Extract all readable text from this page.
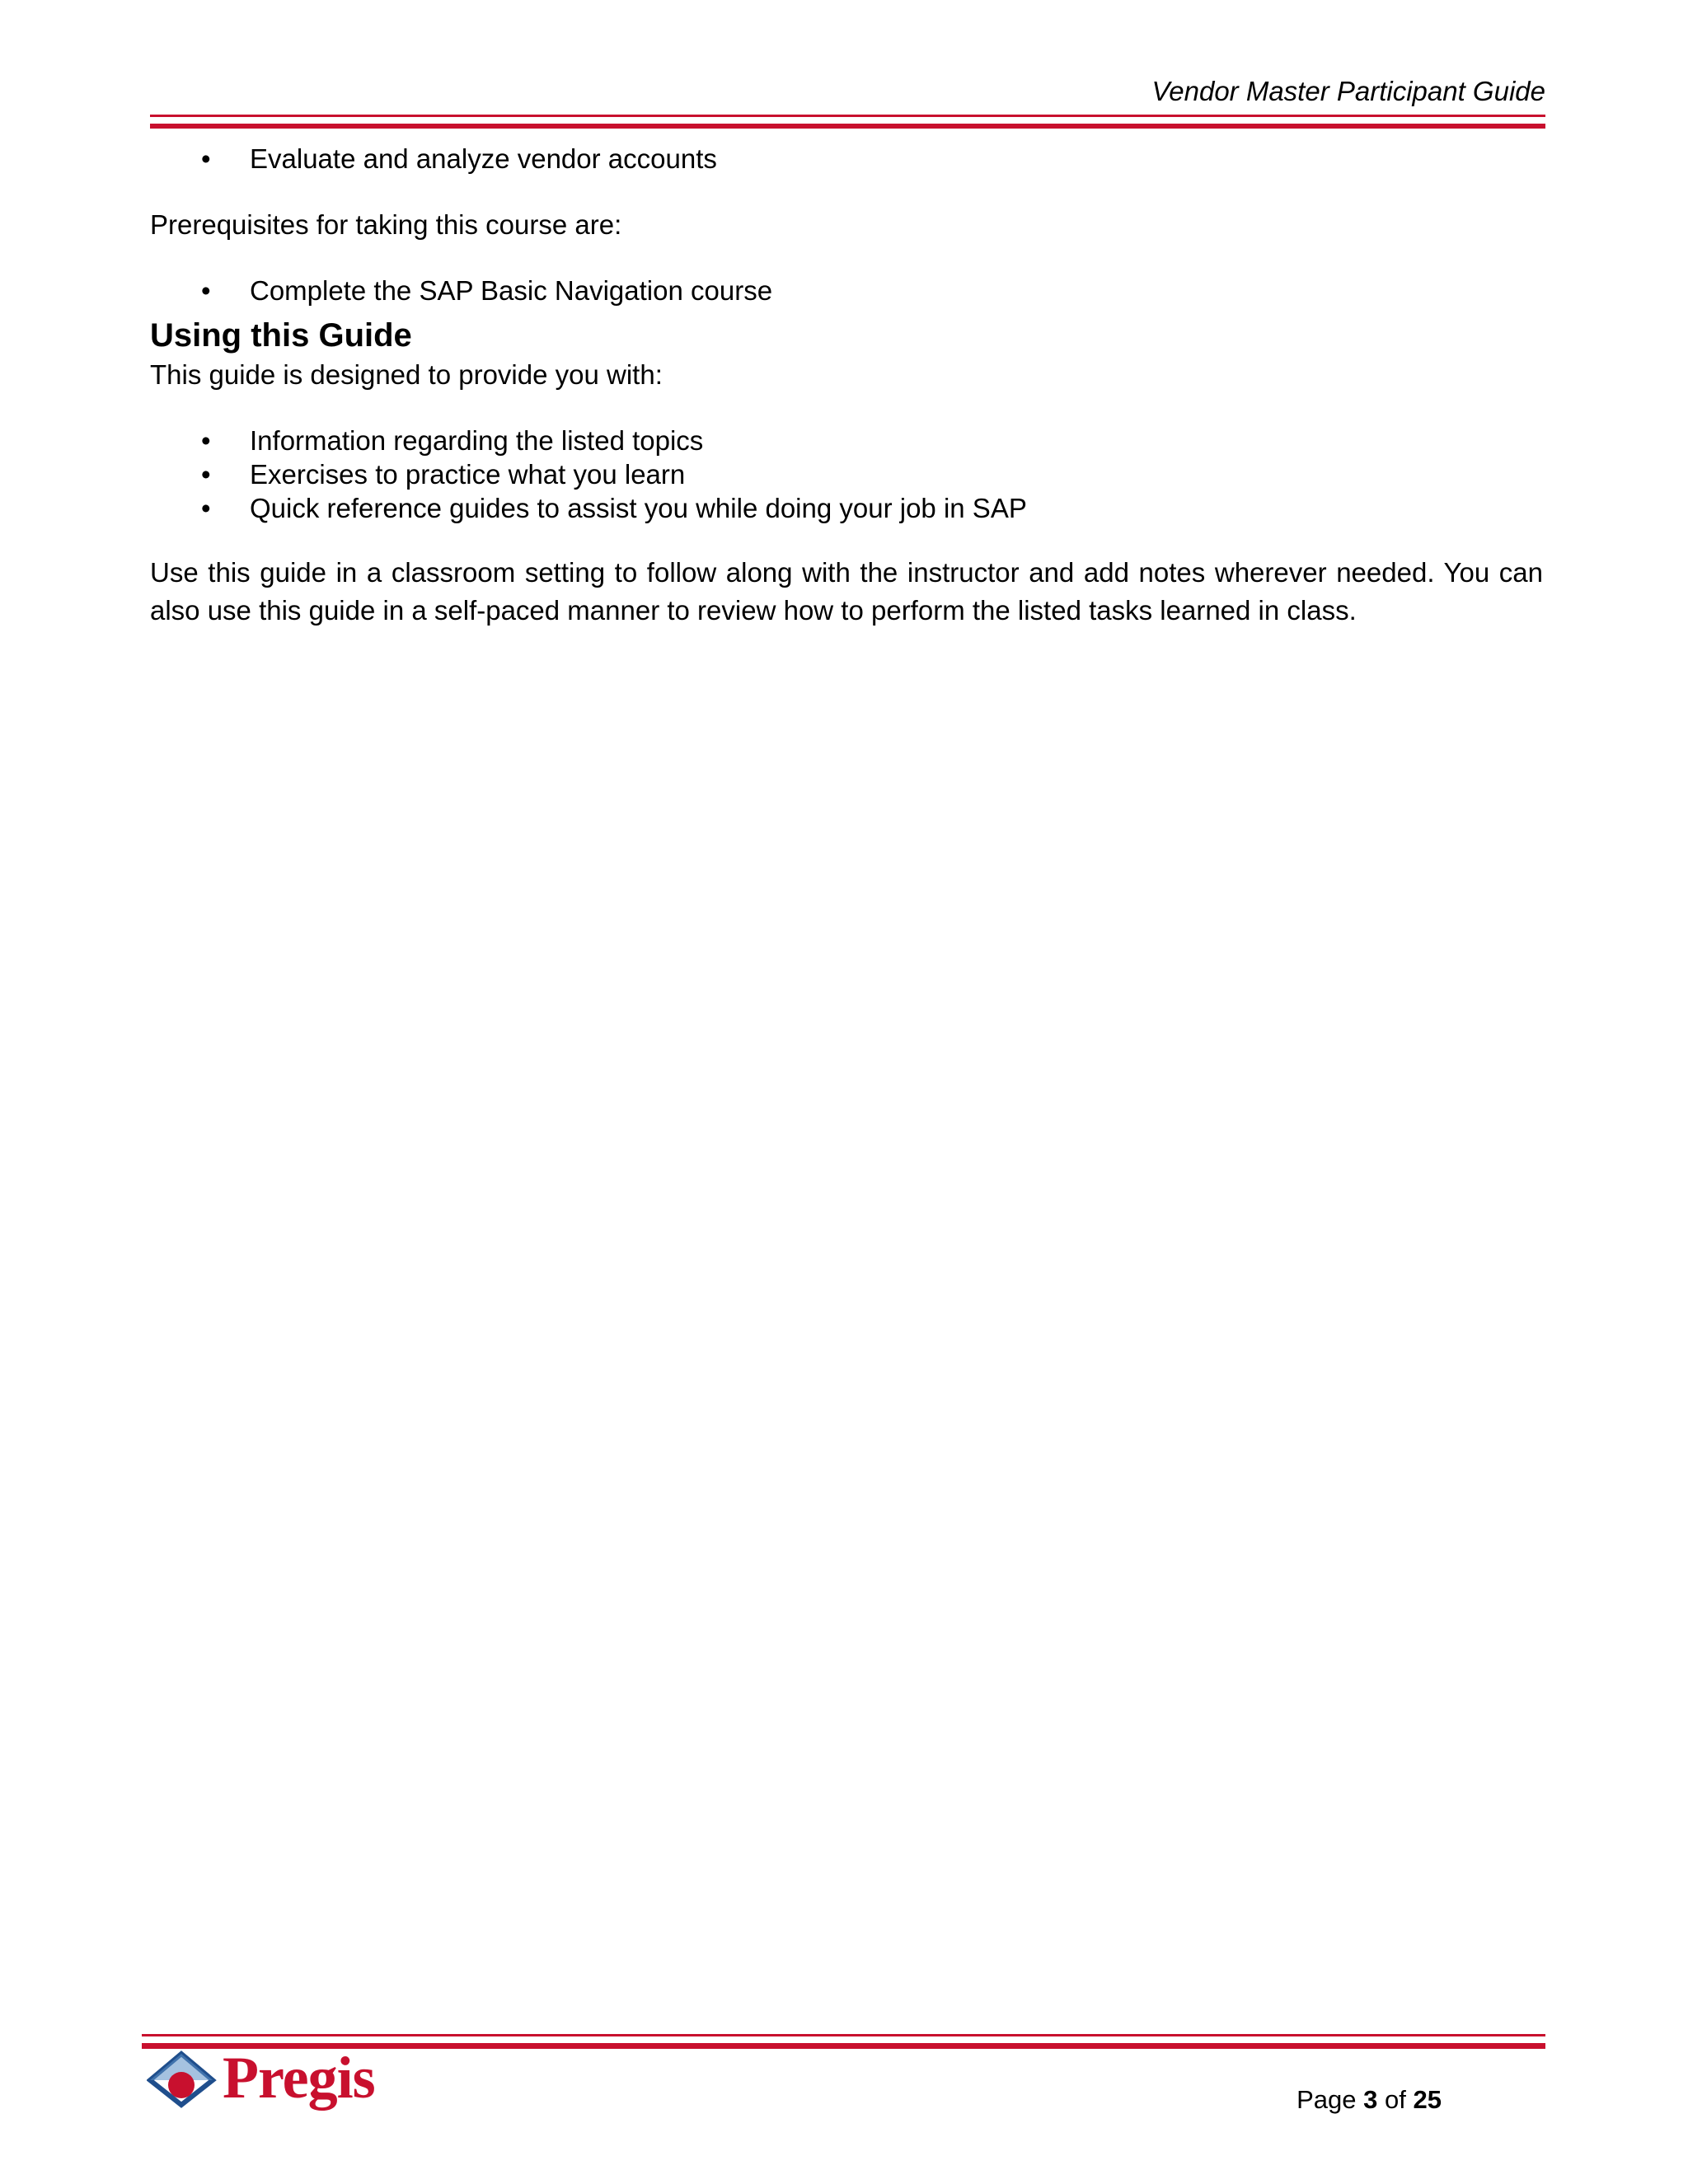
Vendor Master Participant Guide
• Evaluate and analyze vendor accounts
Prerequisites for taking this course are:
• Complete the SAP Basic Navigation course
Using this Guide
This guide is designed to provide you with:
• Information regarding the listed topics
• Exercises to practice what you learn
• Quick reference guides to assist you while doing your job in SAP
Use this guide in a classroom setting to follow along with the instructor and add notes wherever needed. You can also use this guide in a self-paced manner to review how to perform the listed tasks learned in class.
Pregis	Page 3 of 25
